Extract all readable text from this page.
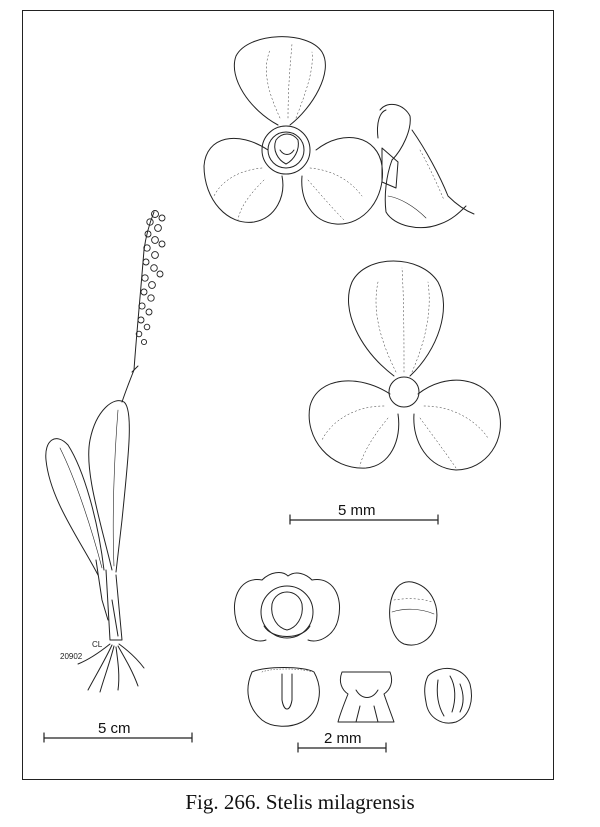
5 mm
5 cm
2 mm
CL
20902
Fig. 266. Stelis milagrensis
